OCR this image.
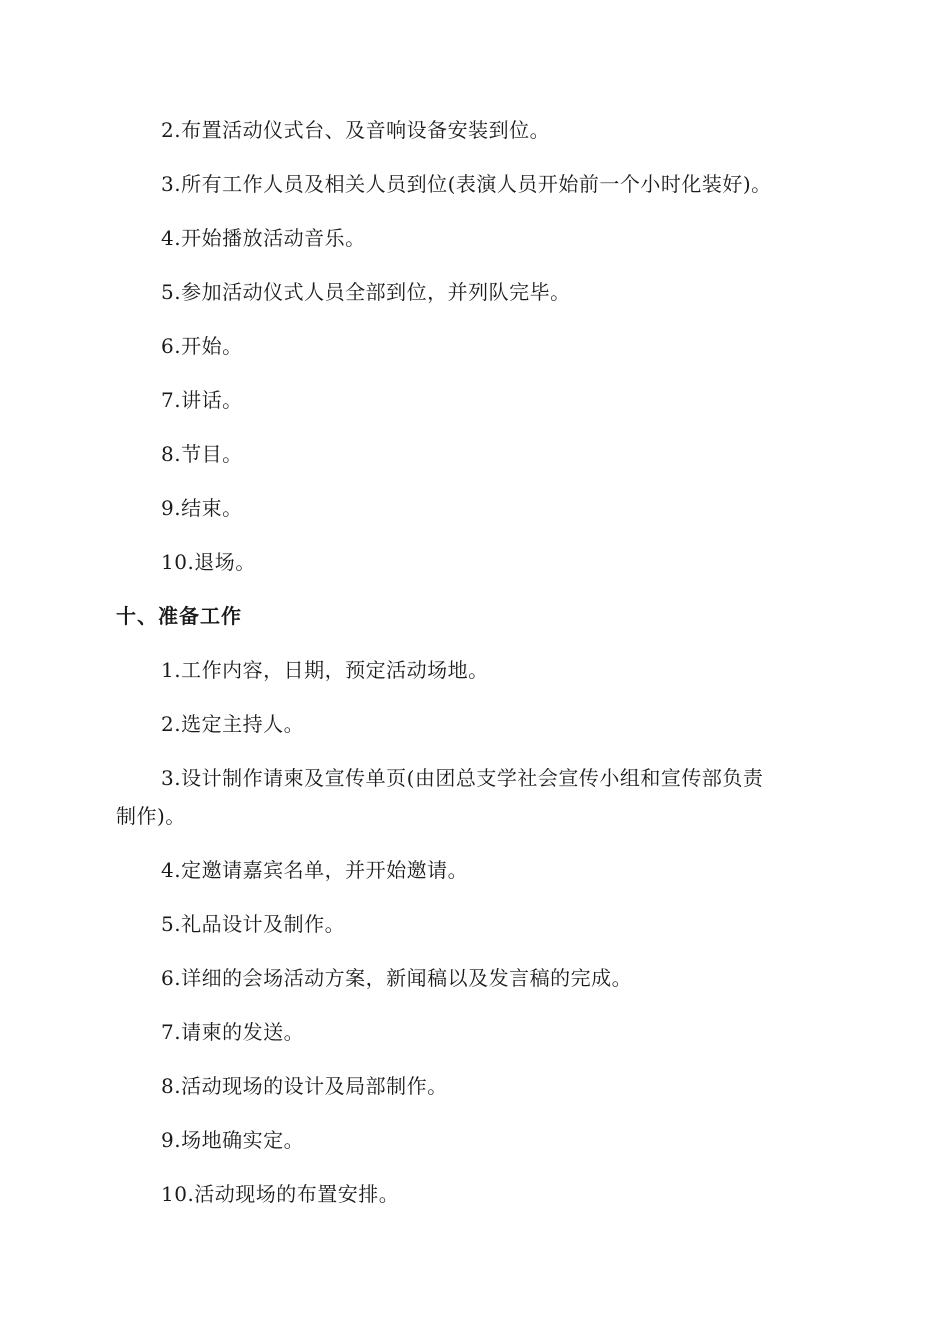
2.布置活动仪式台、及音响设备安装到位。
3.所有工作人员及相关人员到位(表演人员开始前一个小时化装好)。
4.开始播放活动音乐。
5.参加活动仪式人员全部到位，并列队完毕。
6.开始。
7.讲话。
8.节目。
9.结束。
10.退场。
十、准备工作
1.工作内容，日期，预定活动场地。
2.选定主持人。
3.设计制作请柬及宣传单页(由团总支学社会宣传小组和宣传部负责
制作)。
4.定邀请嘉宾名单，并开始邀请。
5.礼品设计及制作。
6.详细的会场活动方案，新闻稿以及发言稿的完成。
7.请柬的发送。
8.活动现场的设计及局部制作。
9.场地确实定。
10.活动现场的布置安排。
